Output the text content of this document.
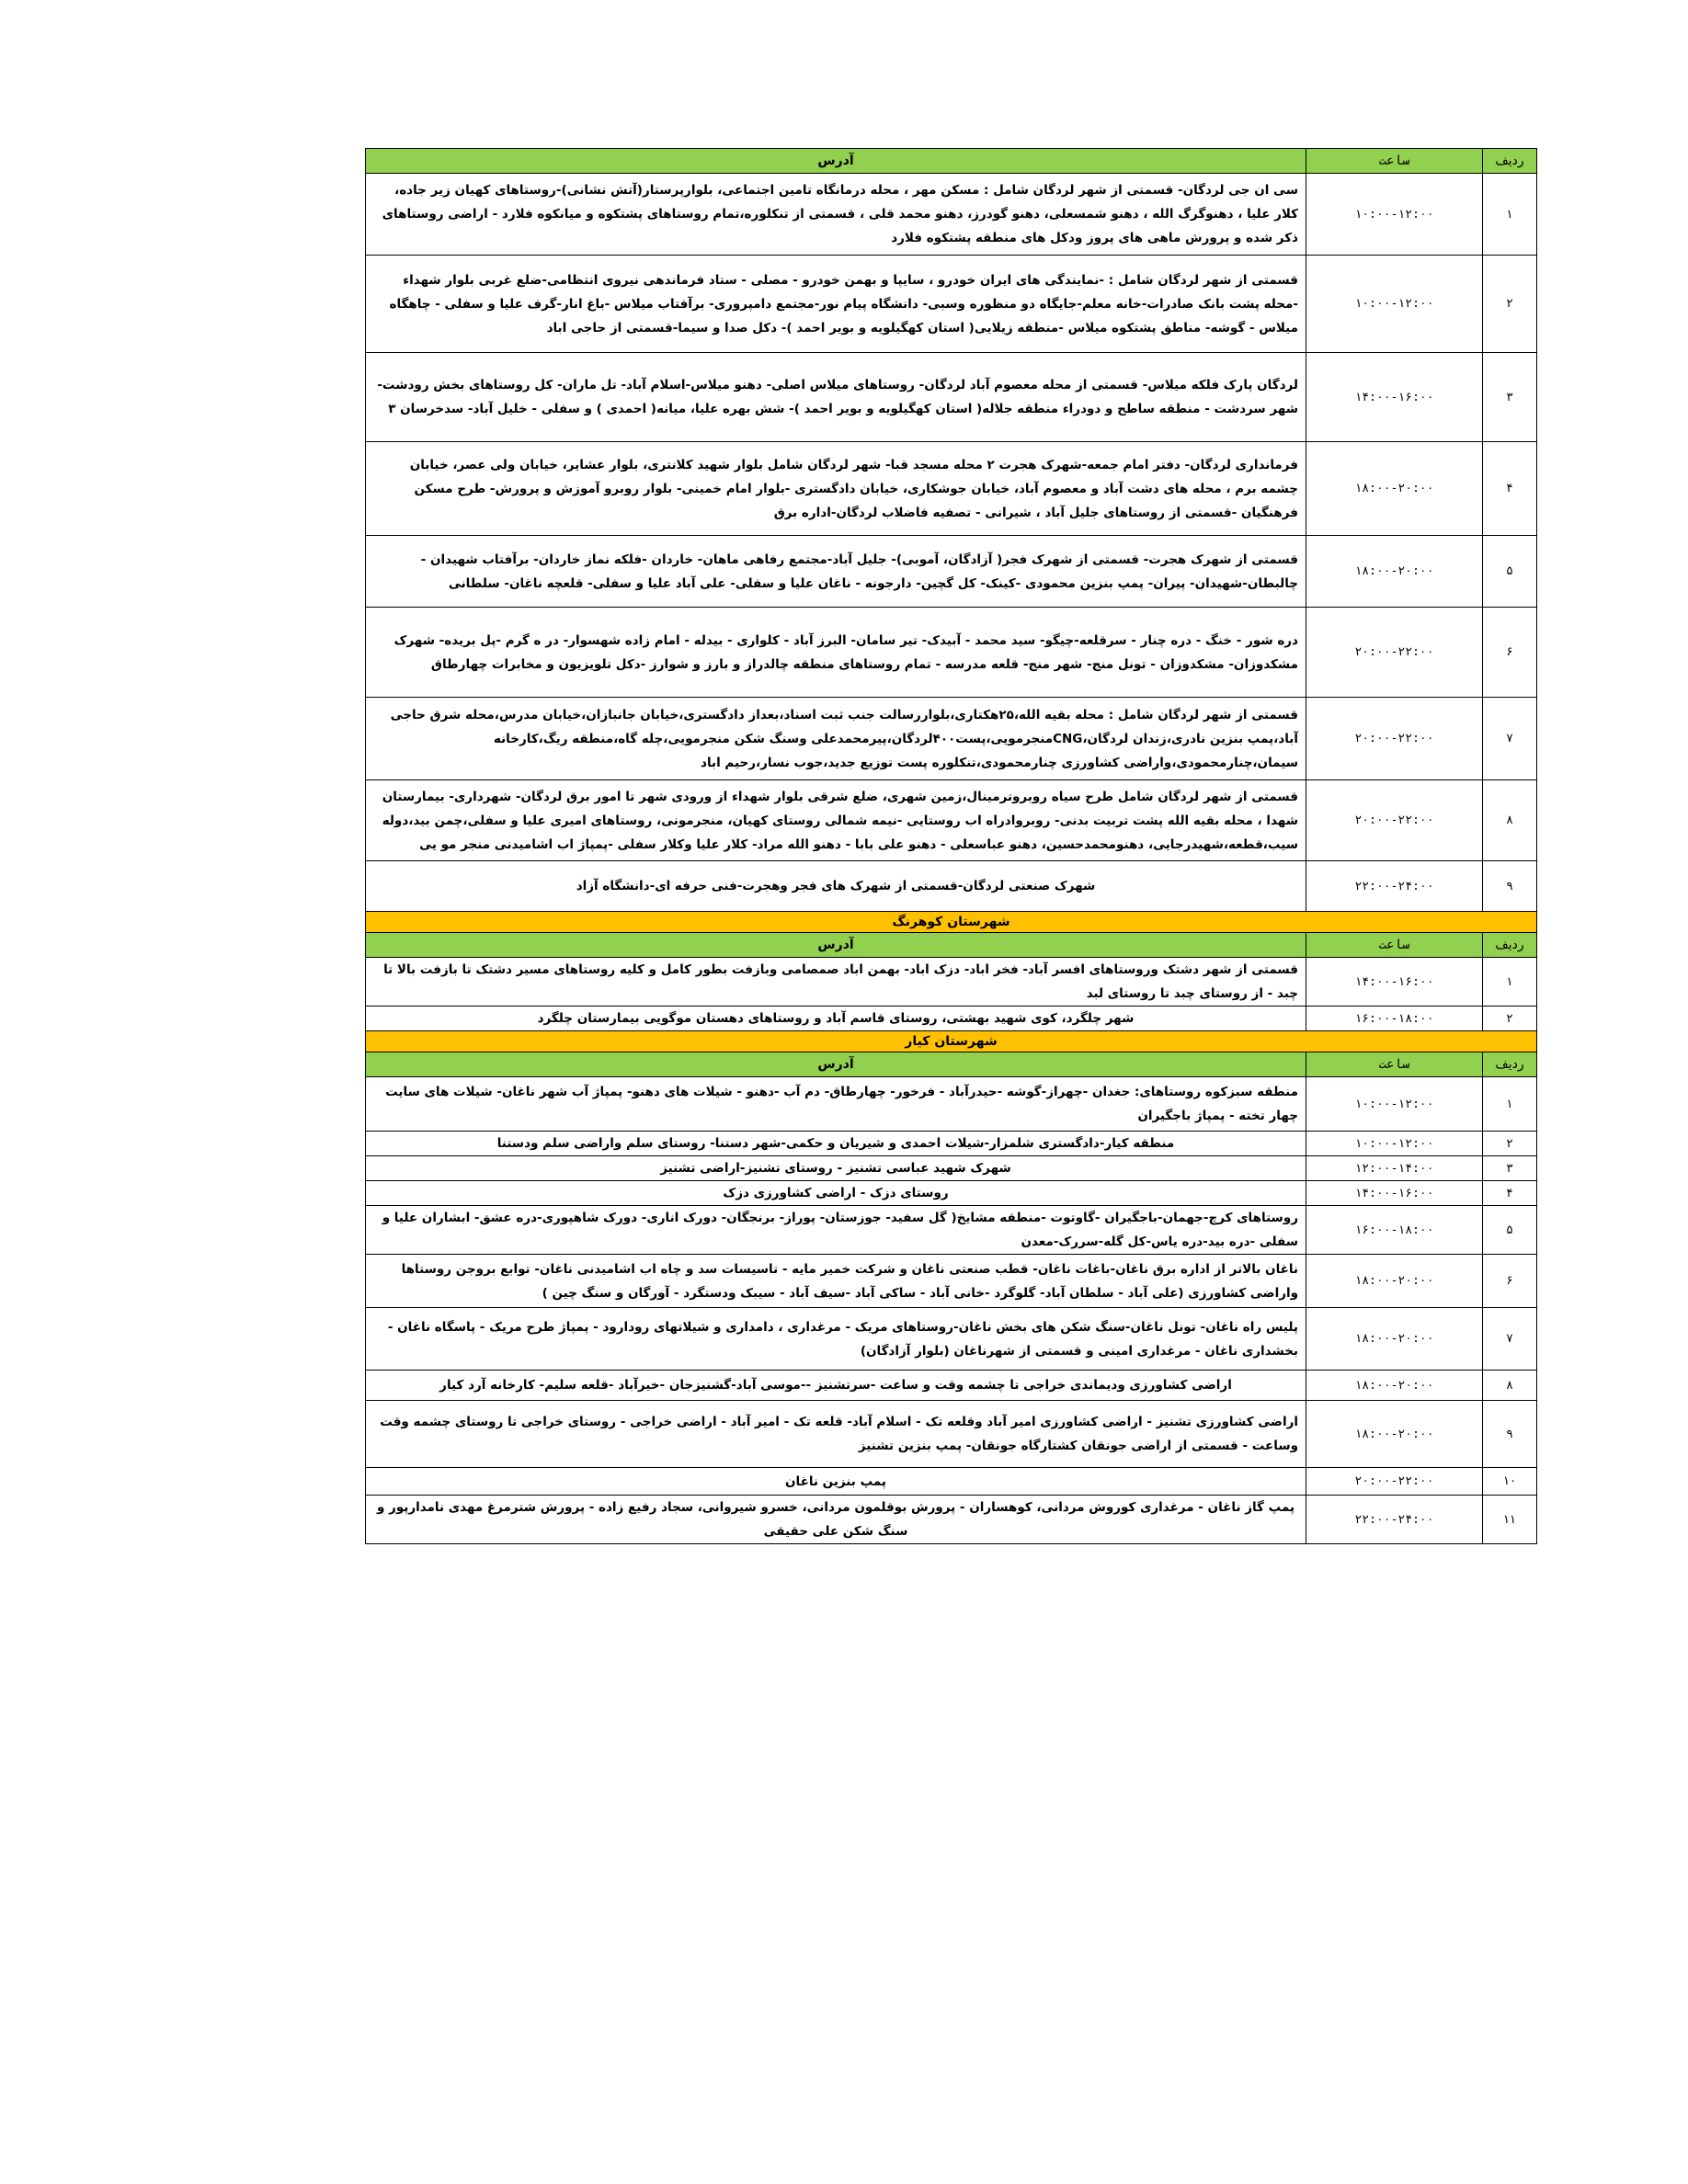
ردیف	ساعت	آدرس
۱	۱۰:۰۰-۱۲:۰۰	سی ان جی لردگان- قسمتی از شهر لردگان شامل : مسکن مهر ، محله درمانگاه تامین اجتماعی، بلوارپرستار(آتش نشانی)-روستاهای کهیان زیر جاده، کلار علیا ، دهنوگرگ الله ، دهنو شمسعلی، دهنو گودرز، دهنو محمد قلی ، قسمتی از تنکلوره،تمام روستاهای پشتکوه و میانکوه فلارد - اراضی روستاهای ذکر شده و پرورش ماهی های پروز ودکل های منطقه پشتکوه فلارد
۲	۱۰:۰۰-۱۲:۰۰	قسمتی از شهر لردگان شامل : -نمایندگی های ایران خودرو ، سایپا و بهمن خودرو - مصلی - ستاد فرماندهی نیروی انتظامی-ضلع غربی بلوار شهداء -محله پشت بانک صادرات-خانه معلم-جایگاه دو منظوره وسبی- دانشگاه پیام نور-مجتمع دامپروری- برآفتاب میلاس -باغ انار-گرف علیا و سفلی - چاهگاه میلاس - گوشه- مناطق پشتکوه میلاس -منطقه زیلایی( استان کهگیلویه و بویر احمد )- دکل صدا و سیما-قسمتی از حاجی اباد
۳	۱۴:۰۰-۱۶:۰۰	لردگان پارک فلکه میلاس- قسمتی از محله معصوم آباد لردگان- روستاهای میلاس اصلی- دهنو میلاس-اسلام آباد- تل ماران- کل روستاهای بخش رودشت-شهر سردشت - منطقه ساطح و دودراء منطقه جلاله( استان کهگیلویه و بویر احمد )- شش بهره علیا، میانه( احمدی ) و سفلی - خلیل آباد- سدخرسان ۳
۴	۱۸:۰۰-۲۰:۰۰	فرمانداری لردگان- دفتر امام جمعه-شهرک هجرت ۲ محله مسجد قبا- شهر لردگان شامل بلوار شهید کلانتری، بلوار عشایر، خیابان ولی عصر، خیابان چشمه برم ، محله های دشت آباد و معصوم آباد، خیابان جوشکاری، خیابان دادگستری -بلوار امام خمینی- بلوار روبرو آموزش و پرورش- طرح مسکن فرهنگیان -قسمتی از روستاهای جلیل آباد ، شیرانی - تصفیه فاضلاب لردگان-اداره برق
۵	۱۸:۰۰-۲۰:۰۰	قسمتی از شهرک هجرت- قسمتی از شهرک فجر( آزادگان، آموبی)- جلیل آباد-مجتمع رفاهی ماهان- خاردان -فلکه نماز خاردان- برآفتاب شهیدان - چالبطان-شهیدان- پیران- پمپ بنزین محمودی -کینک- کل گچین- دارجونه - ناغان علیا و سفلی- علی آباد علیا و سفلی- قلعچه ناغان- سلطانی
۶	۲۰:۰۰-۲۲:۰۰	دره شور - خنگ - دره چنار - سرقلعه-چیگو- سید محمد - آبیدک- تیر سامان- البرز آباد - کلواری - بیدله - امام زاده شهسوار- در ه گرم -پل بریده- شهرک مشکدوزان- مشکدوزان - تونل منج- شهر منج- قلعه مدرسه - تمام روستاهای منطقه چالدراز و بارز و شوارز -دکل تلویزیون و مخابرات چهارطاق
۷	۲۰:۰۰-۲۲:۰۰	قسمتی از شهر لردگان شامل : محله بقیه الله،۲۵هکتاری،بلواررسالت جنب ثبت اسناد،بعداز دادگستری،خیابان جانبازان،خیابان مدرس،محله شرق حاجی آباد،پمپ بنزین نادری،زندان لردگان،CNGمنجرمویی،پست۴۰۰لردگان،پیرمحمدعلی وسنگ شکن منجرمویی،چله گاه،منطقه ریگ،کارخانه سیمان،چنارمحمودی،واراضی کشاورزی چنارمحمودی،تنکلوره پست توزیع جدید،جوب نسار،رحیم اباد
۸	۲۰:۰۰-۲۲:۰۰	قسمتی از شهر لردگان شامل طرح سیاه روبروترمینال،زمین شهری، ضلع شرقی بلوار شهداء از ورودی شهر تا امور برق لردگان- شهرداری- بیمارستان شهدا ، محله بقیه الله پشت تربیت بدنی- روبروادراه اب روستایی -نیمه شمالی روستای کهیان، منجرمونی، روستاهای امیری علیا و سفلی،چمن بید،دوله سیب،قطعه،شهیدرجایی، دهنومحمدحسین، دهنو عباسعلی - دهنو علی بابا - دهنو الله مراد- کلار علیا وکلار سفلی -پمپاژ اب اشامیدنی منجر مو یی
۹	۲۲:۰۰-۲۴:۰۰	شهرک صنعتی لردگان-قسمتی از شهرک های فجر وهجرت-فنی حرفه ای-دانشگاه آزاد
شهرستان کوهرنگ		
ردیف	ساعت	آدرس
۱	۱۴:۰۰-۱۶:۰۰	قسمتی از شهر دشتک وروستاهای افسر آباد- فخر اباد- دزک اباد- بهمن اباد صمصامی وبازفت بطور کامل و کلیه روستاهای مسیر دشتک تا بازفت بالا تا چبد - از روستای چبد تا روستای لبد
۲	۱۶:۰۰-۱۸:۰۰	شهر چلگرد، کوی شهید بهشتی، روستای قاسم آباد و روستاهای دهستان موگویی بیمارستان چلگرد
شهرستان کیار		
ردیف	ساعت	آدرس
۱	۱۰:۰۰-۱۲:۰۰	منطقه سبزکوه روستاهای: جغدان -چهراز-گوشه -حیدرآباد - فرخور- چهارطاق- دم آب -دهنو - شیلات های دهنو- پمپاژ آب شهر ناغان- شیلات های سایت چهار تخته - پمپاژ باجگیران
۲	۱۰:۰۰-۱۲:۰۰	منطقه کیار-دادگستری شلمزار-شیلات احمدی و شیریان و حکمی-شهر دستنا- روستای سلم واراضی سلم ودستنا
۳	۱۲:۰۰-۱۴:۰۰	شهرک شهید عباسی تشنیز - روستای تشنیز-اراضی تشنیز
۴	۱۴:۰۰-۱۶:۰۰	روستای دزک - اراضی کشاورزی دزک
۵	۱۶:۰۰-۱۸:۰۰	روستاهای کرچ-جهمان-باجگیران -گاوتوت -منطقه مشایخ( گل سفید- جوزستان- پوراز- برنجگان- دورک اناری- دورک شاهپوری-دره عشق- ابشاران علیا و سفلی -دره بید-دره یاس-کل گله-سررک-معدن
۶	۱۸:۰۰-۲۰:۰۰	ناغان بالاتر از اداره برق ناغان-باغات ناغان- قطب صنعتی ناغان و شرکت خمیر مایه - تاسیسات سد و چاه اب اشامیدنی ناغان- توابع بروجن روستاها واراضی کشاورزی (علی آباد - سلطان آباد- گلوگرد -خانی آباد - ساکی آباد -سیف آباد - سیبک ودستگرد - آورگان و سنگ چین )
۷	۱۸:۰۰-۲۰:۰۰	پلیس راه ناغان- تونل ناغان-سنگ شکن های بخش ناغان-روستاهای مریک - مرغداری ، دامداری و شیلاتهای رودارود - پمپاژ طرح مریک - پاسگاه ناغان - بخشداری ناغان - مرغداری امینی و قسمتی از شهرناغان (بلوار آزادگان)
۸	۱۸:۰۰-۲۰:۰۰	اراضی کشاورزی ودیماندی خراجی تا چشمه وقت و ساعت -سرتشنیز --موسی آباد-گشنیزجان -خیرآباد -قلعه سلیم- کارخانه آرد کیار
۹	۱۸:۰۰-۲۰:۰۰	اراضی کشاورزی تشنیز - اراضی کشاورزی امیر آباد وقلعه تک - اسلام آباد- قلعه تک - امیر آباد - اراضی خراجی - روستای خراجی تا روستای چشمه وقت وساعت - قسمتی از اراضی جونقان کشتارگاه جونقان- پمپ بنزین تشنیز
۱۰	۲۰:۰۰-۲۲:۰۰	پمپ بنزین ناغان
۱۱	۲۲:۰۰-۲۴:۰۰	پمپ گاز ناغان - مرغداری کوروش مردانی، کوهساران - پرورش بوقلمون مردانی، خسرو شیروانی، سجاد رفیع زاده - پرورش شترمرغ مهدی نامدارپور و سنگ شکن علی حقیقی
